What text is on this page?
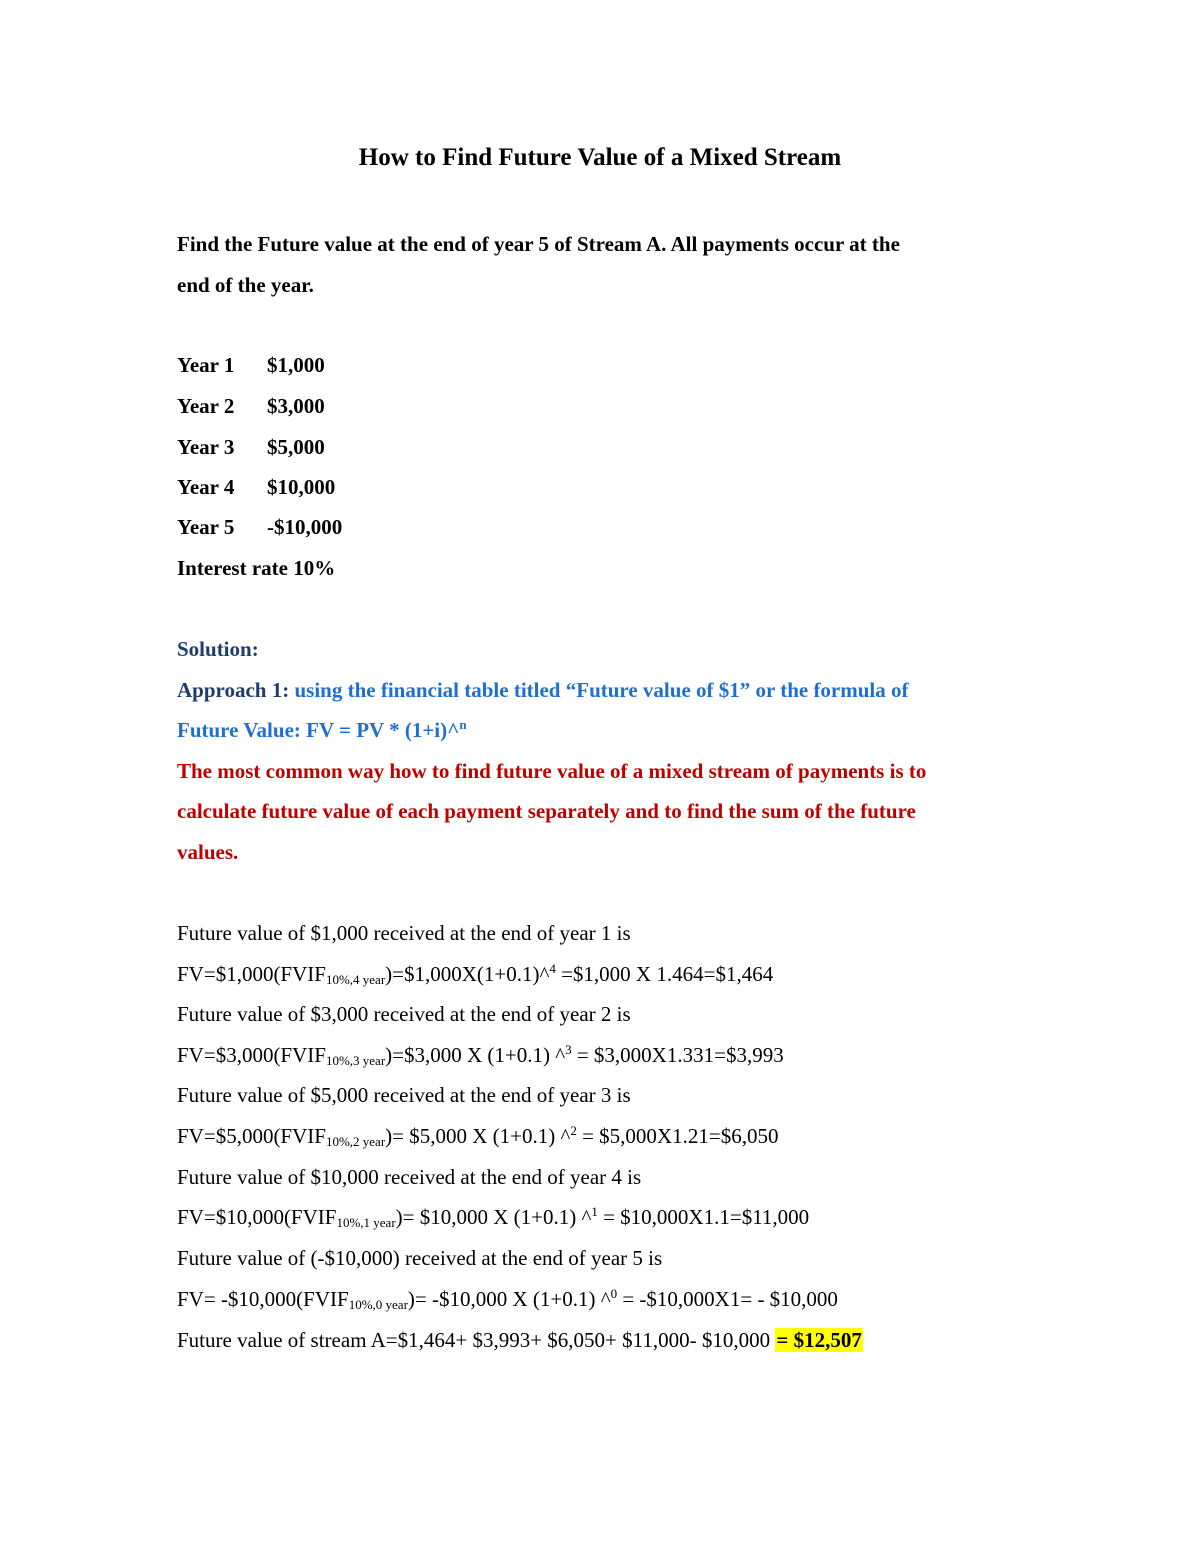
How to Find Future Value of a Mixed Stream
Find the Future value at the end of year 5 of Stream A. All payments occur at the
end of the year.
Year 1 $1,000
Year 2 $3,000
Year 3 $5,000
Year 4 $10,000
Year 5 -$10,000
Interest rate 10%
Solution:
Approach 1: using the financial table titled “Future value of $1” or the formula of
Future Value: FV = PV * (1+i)^$^n$
The most common way how to find future value of a mixed stream of payments is to
calculate future value of each payment separately and to find the sum of the future
values.
Future value of $1,000 received at the end of year 1 is
$FV=\$1,000(FVIF_{10\%,4 year})=\$1,000X(1+0.1)\^{}^4$ =$1,000 X 1.464=$1,464
Future value of $3,000 received at the end of year 2 is
$FV=\$3,000(FVIF_{10\%,3 year})=\$3,000$ X (1+0.1) ^$^3$ = $3,000X1.331=$3,993
Future value of $5,000 received at the end of year 3 is
$FV=\$5,000(FVIF_{10\%,2 year})=$ $5,000 X (1+0.1) ^$^2$ = $5,000X1.21=$6,050
Future value of $10,000 received at the end of year 4 is
$FV=\$10,000(FVIF_{10\%,1 year})=$ $10,000 X (1+0.1) ^$^1$ = $10,000X1.1=$11,000
Future value of (-$10,000) received at the end of year 5 is
$FV= -\$10,000(FVIF_{10\%,0 year})=$ -$10,000 X (1+0.1) ^$^0$ = -$10,000X1= - $10,000
Future value of stream A=$1,464+ $3,993+ $6,050+ $11,000- $10,000 = $12,507
